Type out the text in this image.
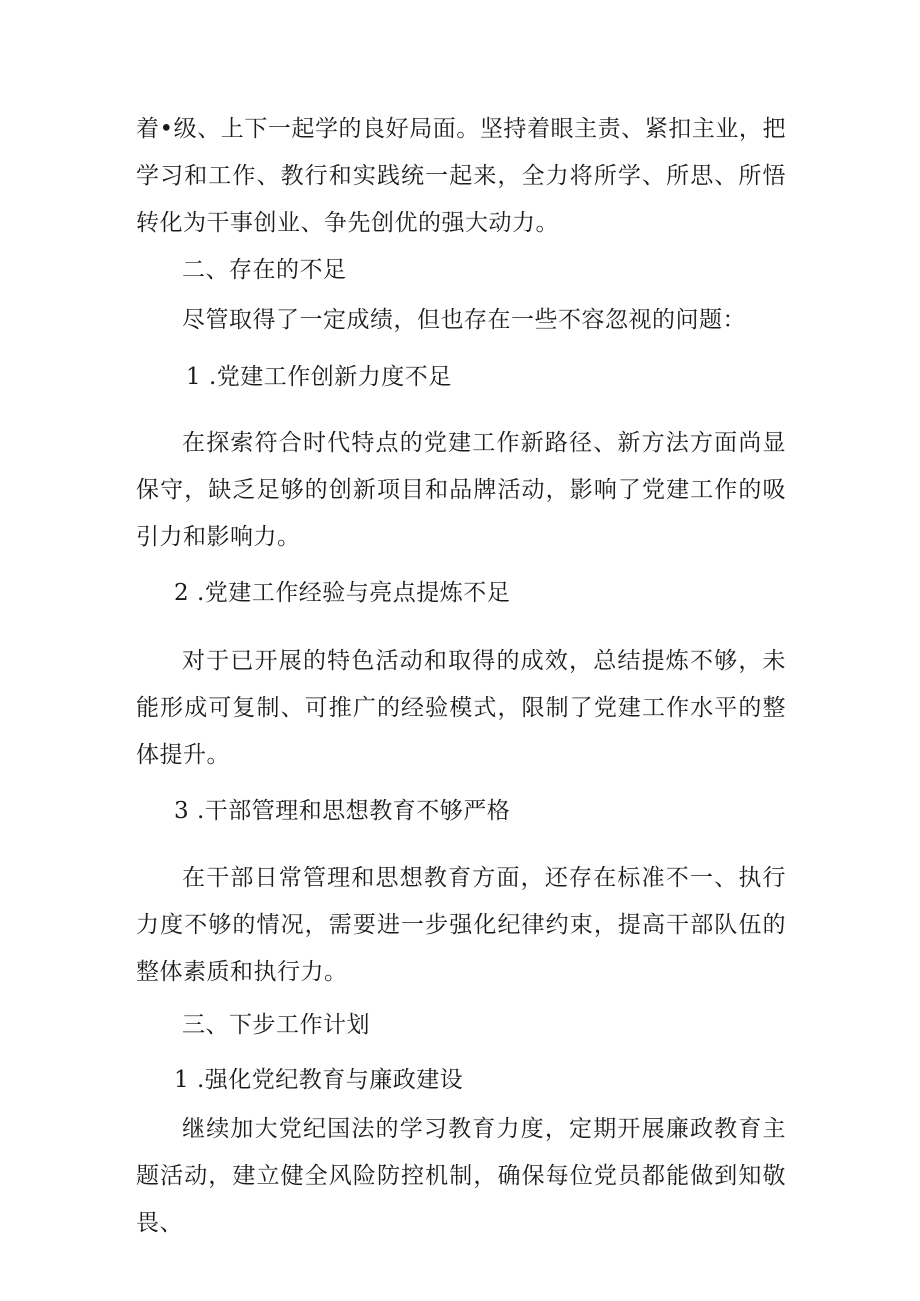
着•级、上下一起学的良好局面。坚持着眼主责、紧扣主业，把学习和工作、教行和实践统一起来，全力将所学、所思、所悟转化为干事创业、争先创优的强大动力。

二、存在的不足

尽管取得了一定成绩，但也存在一些不容忽视的问题：

1 .党建工作创新力度不足

在探索符合时代特点的党建工作新路径、新方法方面尚显保守，缺乏足够的创新项目和品牌活动，影响了党建工作的吸引力和影响力。

2 .党建工作经验与亮点提炼不足

对于已开展的特色活动和取得的成效，总结提炼不够，未能形成可复制、可推广的经验模式，限制了党建工作水平的整体提升。

3 .干部管理和思想教育不够严格

在干部日常管理和思想教育方面，还存在标准不一、执行力度不够的情况，需要进一步强化纪律约束，提高干部队伍的整体素质和执行力。

三、下步工作计划

1 .强化党纪教育与廉政建设

继续加大党纪国法的学习教育力度，定期开展廉政教育主题活动，建立健全风险防控机制，确保每位党员都能做到知敬畏、
